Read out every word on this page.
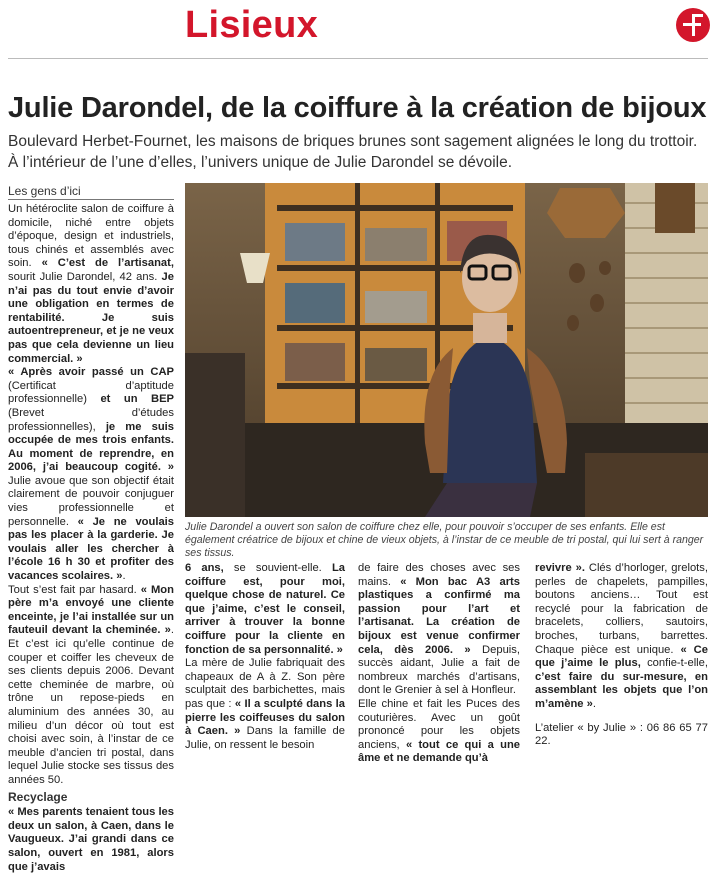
Lisieux
Julie Darondel, de la coiffure à la création de bijoux
Boulevard Herbet-Fournet, les maisons de briques brunes sont sagement alignées le long du trottoir. À l’intérieur de l’une d’elles, l’univers unique de Julie Darondel se dévoile.
Les gens d’ici

Un hétéroclite salon de coiffure à domicile, niché entre objets d’époque, design et industriels, tous chinés et assemblés avec soin. « C’est de l’artisanat, sourit Julie Darondel, 42 ans. Je n’ai pas du tout envie d’avoir une obligation en termes de rentabilité. Je suis autoentrepreneur, et je ne veux pas que cela devienne un lieu commercial. »

« Après avoir passé un CAP (Certificat d’aptitude professionnelle) et un BEP (Brevet d’études professionnelles), je me suis occupée de mes trois enfants. Au moment de reprendre, en 2006, j’ai beaucoup cogité. » Julie avoue que son objectif était clairement de pouvoir conjuguer vies professionnelle et personnelle. « Je ne voulais pas les placer à la garderie. Je voulais aller les chercher à l’école 16 h 30 et profiter des vacances scolaires. ».

Tout s’est fait par hasard. « Mon père m’a envoyé une cliente enceinte, je l’ai installée sur un fauteuil devant la cheminée. ». Et c’est ici qu’elle continue de couper et coiffer les cheveux de ses clients depuis 2006. Devant cette cheminée de marbre, où trône un repose-pieds en aluminium des années 30, au milieu d’un décor où tout est choisi avec soin, à l’instar de ce meuble d’ancien tri postal, dans lequel Julie stocke ses tissus des années 50.

Recyclage

« Mes parents tenaient tous les deux un salon, à Caen, dans le Vaugueux. J’ai grandi dans ce salon, ouvert en 1981, alors que j’avais

Julie Darondel a ouvert son salon de coiffure chez elle, pour pouvoir s’occuper de ses enfants. Elle est également créatrice de bijoux et chine de vieux objets, à l’instar de ce meuble de tri postal, qui lui sert à ranger ses tissus.

6 ans, se souvient-elle. La coiffure est, pour moi, quelque chose de naturel. Ce que j’aime, c’est le conseil, arriver à trouver la bonne coiffure pour la cliente en fonction de sa personnalité. »

La mère de Julie fabriquait des chapeaux de A à Z. Son père sculptait des barbichettes, mais pas que : « Il a sculpté dans la pierre les coiffeuses du salon à Caen. » Dans la famille de Julie, on ressent le besoin

de faire des choses avec ses mains. « Mon bac A3 arts plastiques a confirmé ma passion pour l’art et l’artisanat. La création de bijoux est venue confirmer cela, dès 2006. » Depuis, succès aidant, Julie a fait de nombreux marchés d’artisans, dont le Grenier à sel à Honfleur.

Elle chine et fait les Puces des couturières. Avec un goût prononcé pour les objets anciens, « tout ce qui a une âme et ne demande qu’à

revivre ». Clés d’horloger, grelots, perles de chapelets, pampilles, boutons anciens… Tout est recyclé pour la fabrication de bracelets, colliers, sautoirs, broches, turbans, barrettes. Chaque pièce est unique. « Ce que j’aime le plus, confie-t-elle, c’est faire du sur-mesure, en assemblant les objets que l’on m’amène ».

L’atelier « by Julie » : 06 86 65 77 22.
